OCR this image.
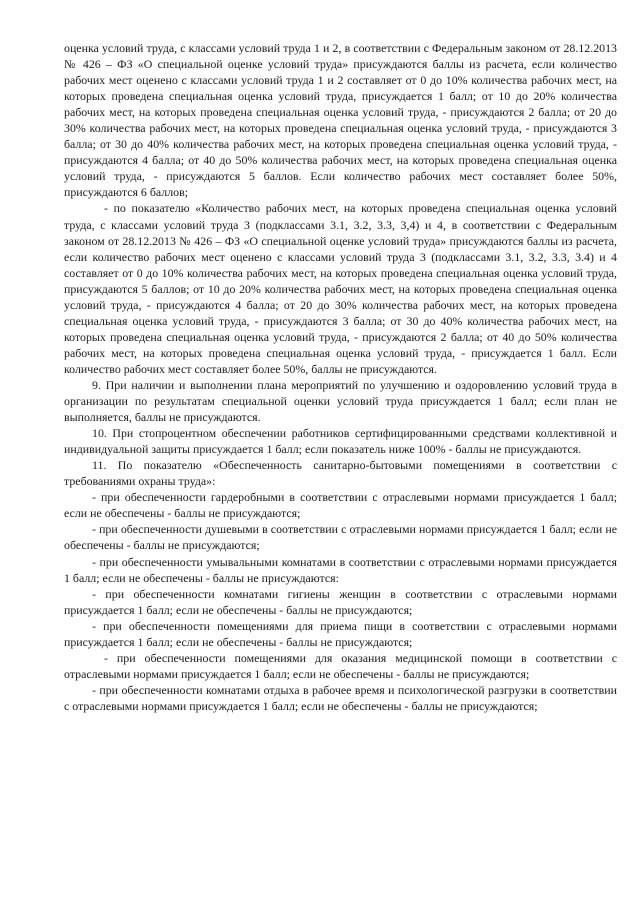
оценка условий труда, с классами условий труда 1 и 2, в соответствии с Федеральным законом от 28.12.2013 № 426 – ФЗ «О специальной оценке условий труда» присуждаются баллы из расчета, если количество рабочих мест оценено с классами условий труда 1 и 2 составляет от 0 до 10% количества рабочих мест, на которых проведена специальная оценка условий труда, присуждается 1 балл; от 10 до 20% количества рабочих мест, на которых проведена специальная оценка условий труда, - присуждаются 2 балла; от 20 до 30% количества рабочих мест, на которых проведена специальная оценка условий труда, - присуждаются 3 балла; от 30 до 40% количества рабочих мест, на которых проведена специальная оценка условий труда, - присуждаются 4 балла; от 40 до 50% количества рабочих мест, на которых проведена специальная оценка условий труда, - присуждаются 5 баллов. Если количество рабочих мест составляет более 50%, присуждаются 6 баллов;

- по показателю «Количество рабочих мест, на которых проведена специальная оценка условий труда, с классами условий труда 3 (подклассами 3.1, 3.2, 3.3, 3,4) и 4, в соответствии с Федеральным законом от 28.12.2013 № 426 – ФЗ «О специальной оценке условий труда» присуждаются баллы из расчета, если количество рабочих мест оценено с классами условий труда 3 (подклассами 3.1, 3.2, 3.3, 3.4) и 4 составляет от 0 до 10% количества рабочих мест, на которых проведена специальная оценка условий труда, присуждаются 5 баллов; от 10 до 20% количества рабочих мест, на которых проведена специальная оценка условий труда, - присуждаются 4 балла; от 20 до 30% количества рабочих мест, на которых проведена специальная оценка условий труда, - присуждаются 3 балла; от 30 до 40% количества рабочих мест, на которых проведена специальная оценка условий труда, - присуждаются 2 балла; от 40 до 50% количества рабочих мест, на которых проведена специальная оценка условий труда, - присуждается 1 балл. Если количество рабочих мест составляет более 50%, баллы не присуждаются.

9. При наличии и выполнении плана мероприятий по улучшению и оздоровлению условий труда в организации по результатам специальной оценки условий труда присуждается 1 балл; если план не выполняется, баллы не присуждаются.

10. При стопроцентном обеспечении работников сертифицированными средствами коллективной и индивидуальной защиты присуждается 1 балл; если показатель ниже 100% - баллы не присуждаются.

11. По показателю «Обеспеченность санитарно-бытовыми помещениями в соответствии с требованиями охраны труда»:

- при обеспеченности гардеробными в соответствии с отраслевыми нормами присуждается 1 балл; если не обеспечены - баллы не присуждаются;

- при обеспеченности душевыми в соответствии с отраслевыми нормами присуждается 1 балл; если не обеспечены - баллы не присуждаются;

- при обеспеченности умывальными комнатами в соответствии с отраслевыми нормами присуждается 1 балл; если не обеспечены - баллы не присуждаются:

- при обеспеченности комнатами гигиены женщин в соответствии с отраслевыми нормами присуждается 1 балл; если не обеспечены - баллы не присуждаются;

- при обеспеченности помещениями для приема пищи в соответствии с отраслевыми нормами присуждается 1 балл; если не обеспечены - баллы не присуждаются;

- при обеспеченности помещениями для оказания медицинской помощи в соответствии с отраслевыми нормами присуждается 1 балл; если не обеспечены - баллы не присуждаются;

- при обеспеченности комнатами отдыха в рабочее время и психологической разгрузки в соответствии с отраслевыми нормами присуждается 1 балл; если не обеспечены - баллы не присуждаются;
